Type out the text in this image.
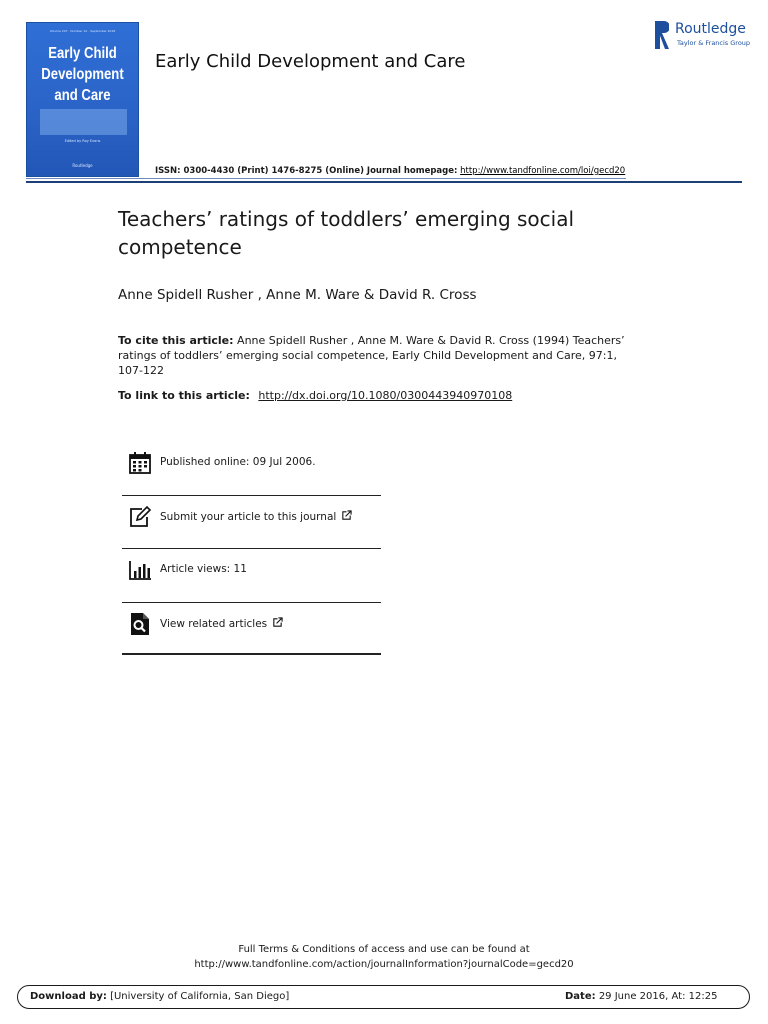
Volume 207 · Number 10 · September 2018
Early Child
Development
and Care
Edited by Roy Evans
Routledge
Early Child Development and Care
Routledge
Taylor & Francis Group
ISSN: 0300-4430 (Print) 1476-8275 (Online) Journal homepage: http://www.tandfonline.com/loi/gecd20
Teachers’ ratings of toddlers’ emerging social competence
Anne Spidell Rusher , Anne M. Ware & David R. Cross
To cite this article: Anne Spidell Rusher , Anne M. Ware & David R. Cross (1994) Teachers’ ratings of toddlers’ emerging social competence, Early Child Development and Care, 97:1, 107-122
To link to this article: http://dx.doi.org/10.1080/0300443940970108
Published online: 09 Jul 2006.
Submit your article to this journal
Article views: 11
View related articles
Full Terms & Conditions of access and use can be found at
http://www.tandfonline.com/action/journalInformation?journalCode=gecd20
Download by: [University of California, San Diego]	Date: 29 June 2016, At: 12:25
